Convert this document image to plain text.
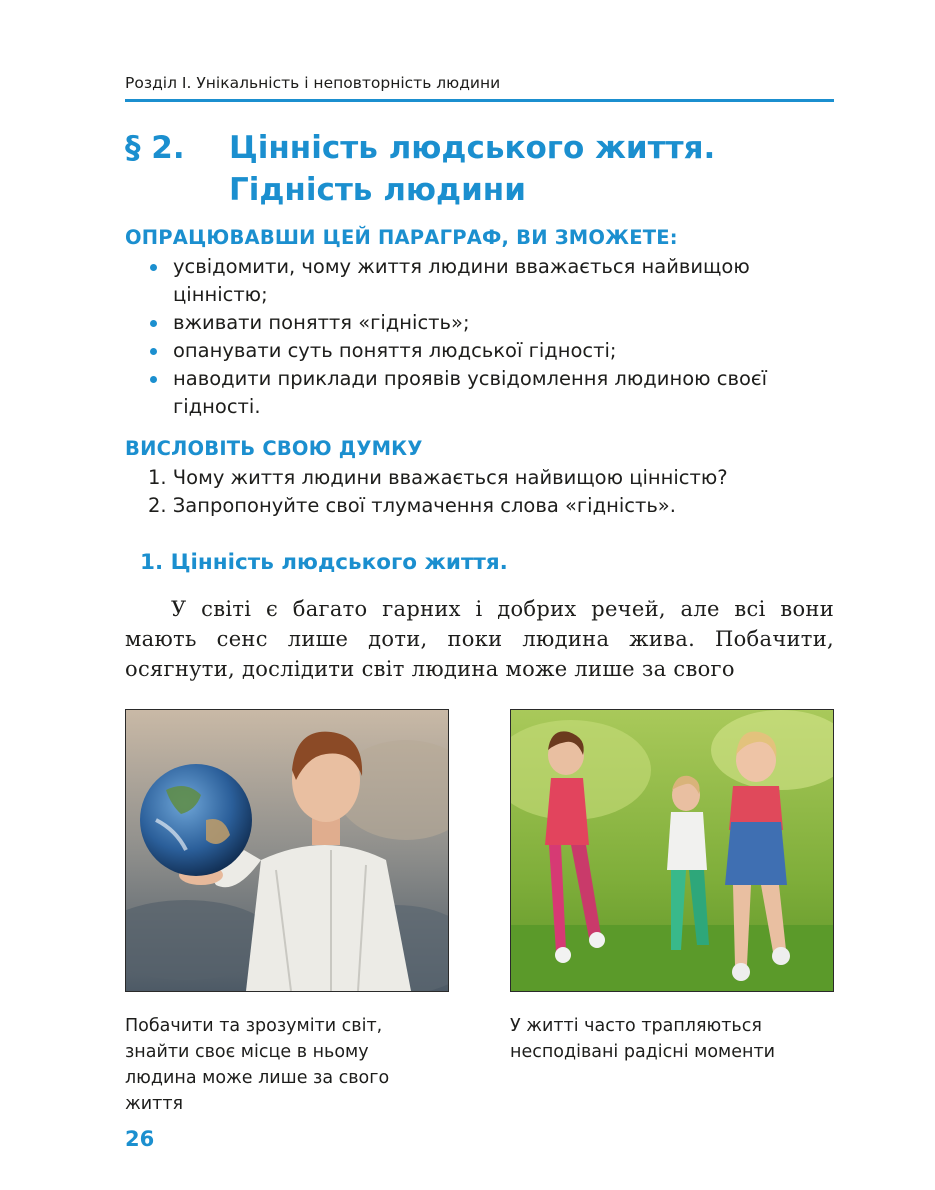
Розділ І. Унікальність і неповторність людини
§ 2. Цінність людського життя.
Гідність людини
ОПРАЦЮВАВШИ ЦЕЙ ПАРАГРАФ, ВИ ЗМОЖЕТЕ:
усвідомити, чому життя людини вважається найвищою цінністю;
вживати поняття «гідність»;
опанувати суть поняття людської гідності;
наводити приклади проявів усвідомлення людиною своєї гідності.
ВИСЛОВІТЬ СВОЮ ДУМКУ
1. Чому життя людини вважається найвищою цінністю?
2. Запропонуйте свої тлумачення слова «гідність».
1. Цінність людського життя.
У світі є багато гарних і добрих речей, але всі вони мають сенс лише доти, поки людина жива. Побачити, осягнути, дослідити світ людина може лише за свого
Побачити та зрозуміти світ, знайти своє місце в ньому людина може лише за свого життя
У житті часто трапляються несподівані радісні моменти
26
